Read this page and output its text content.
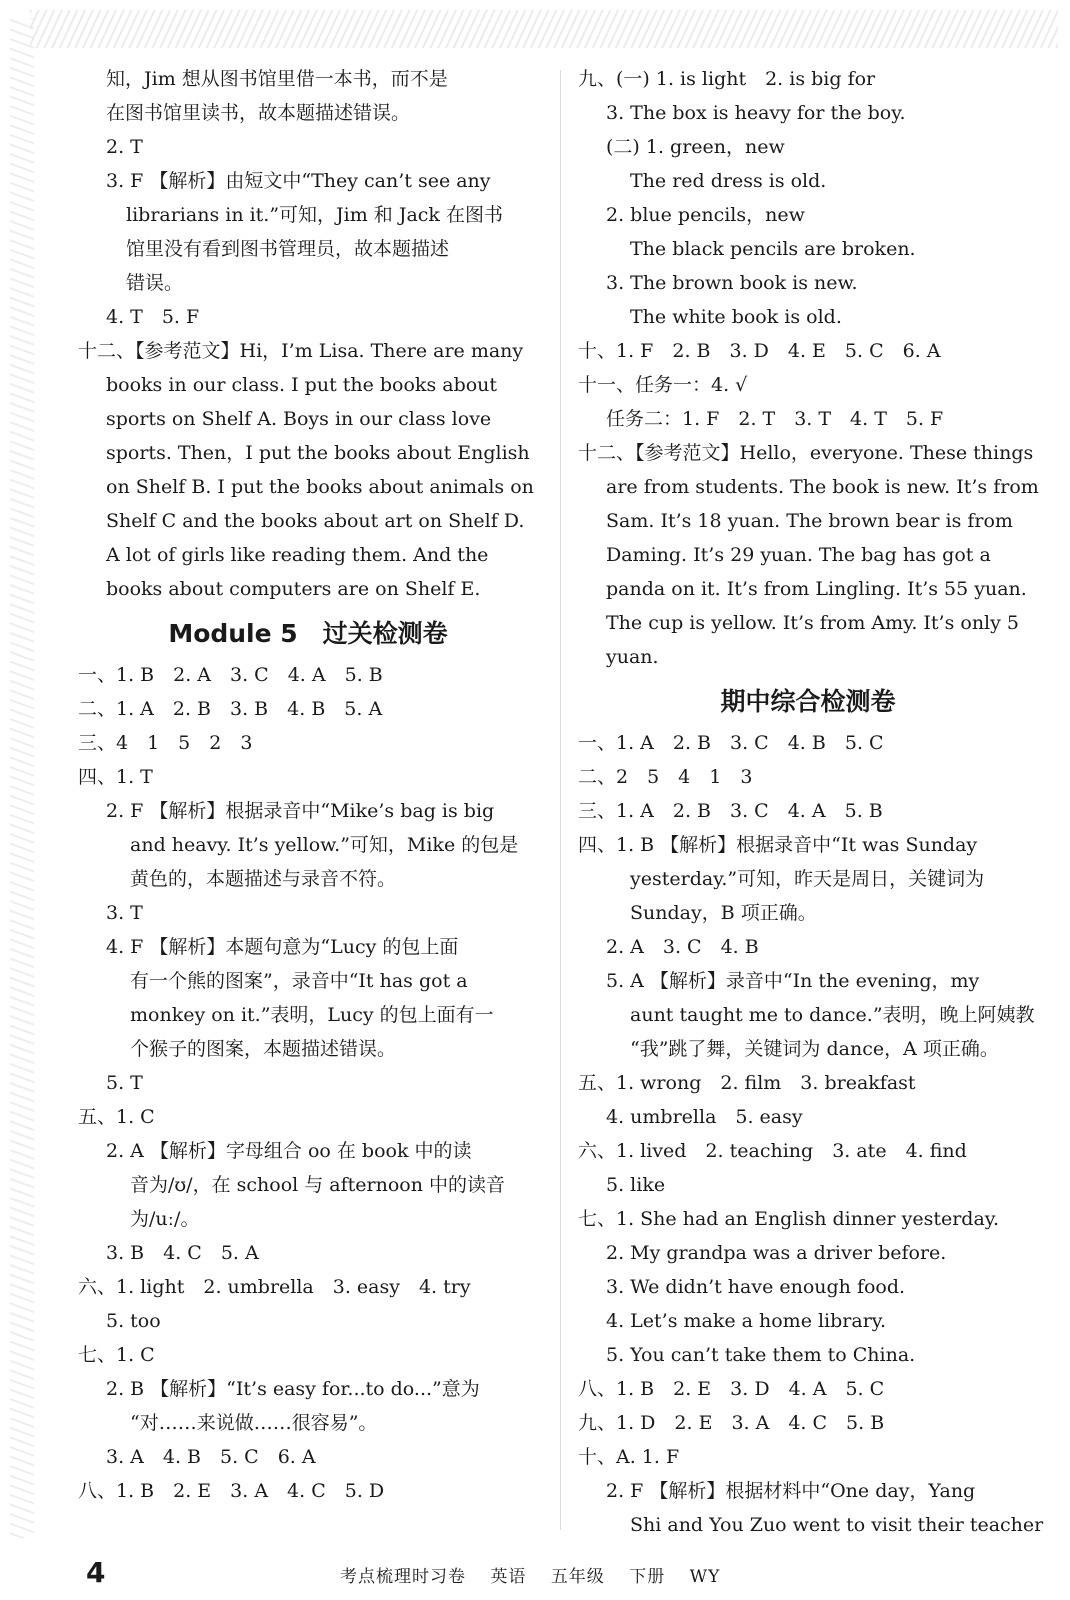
知，Jim 想从图书馆里借一本书，而不是
在图书馆里读书，故本题描述错误。
2. T
3. F 【解析】由短文中“They can’t see any
librarians in it.”可知，Jim 和 Jack 在图书
馆里没有看到图书管理员，故本题描述
错误。
4. T　5. F
十二、【参考范文】Hi，I’m Lisa. There are many
books in our class. I put the books about
sports on Shelf A. Boys in our class love
sports. Then，I put the books about English
on Shelf B. I put the books about animals on
Shelf C and the books about art on Shelf D.
A lot of girls like reading them. And the
books about computers are on Shelf E.
Module 5　过关检测卷
一、1. B　2. A　3. C　4. A　5. B
二、1. A　2. B　3. B　4. B　5. A
三、4　1　5　2　3
四、1. T
2. F 【解析】根据录音中“Mike’s bag is big
and heavy. It’s yellow.”可知，Mike 的包是
黄色的，本题描述与录音不符。
3. T
4. F 【解析】本题句意为“Lucy 的包上面
有一个熊的图案”，录音中“It has got a
monkey on it.”表明，Lucy 的包上面有一
个猴子的图案，本题描述错误。
5. T
五、1. C
2. A 【解析】字母组合 oo 在 book 中的读
音为/ʊ/，在 school 与 afternoon 中的读音
为/uː/。
3. B　4. C　5. A
六、1. light　2. umbrella　3. easy　4. try
5. too
七、1. C
2. B 【解析】“It’s easy for...to do...”意为
“对……来说做……很容易”。
3. A　4. B　5. C　6. A
八、1. B　2. E　3. A　4. C　5. D
九、(一) 1. is light　2. is big for
3. The box is heavy for the boy.
(二) 1. green，new
The red dress is old.
2. blue pencils，new
The black pencils are broken.
3. The brown book is new.
The white book is old.
十、1. F　2. B　3. D　4. E　5. C　6. A
十一、任务一：4. √
任务二：1. F　2. T　3. T　4. T　5. F
十二、【参考范文】Hello，everyone. These things
are from students. The book is new. It’s from
Sam. It’s 18 yuan. The brown bear is from
Daming. It’s 29 yuan. The bag has got a
panda on it. It’s from Lingling. It’s 55 yuan.
The cup is yellow. It’s from Amy. It’s only 5
yuan.
期中综合检测卷
一、1. A　2. B　3. C　4. B　5. C
二、2　5　4　1　3
三、1. A　2. B　3. C　4. A　5. B
四、1. B 【解析】根据录音中“It was Sunday
yesterday.”可知，昨天是周日，关键词为
Sunday，B 项正确。
2. A　3. C　4. B
5. A 【解析】录音中“In the evening，my
aunt taught me to dance.”表明，晚上阿姨教
“我”跳了舞，关键词为 dance，A 项正确。
五、1. wrong　2. film　3. breakfast
4. umbrella　5. easy
六、1. lived　2. teaching　3. ate　4. find
5. like
七、1. She had an English dinner yesterday.
2. My grandpa was a driver before.
3. We didn’t have enough food.
4. Let’s make a home library.
5. You can’t take them to China.
八、1. B　2. E　3. D　4. A　5. C
九、1. D　2. E　3. A　4. C　5. B
十、A. 1. F
2. F 【解析】根据材料中“One day，Yang
Shi and You Zuo went to visit their teacher
4	考点梳理时习卷 英语 五年级 下册 WY
